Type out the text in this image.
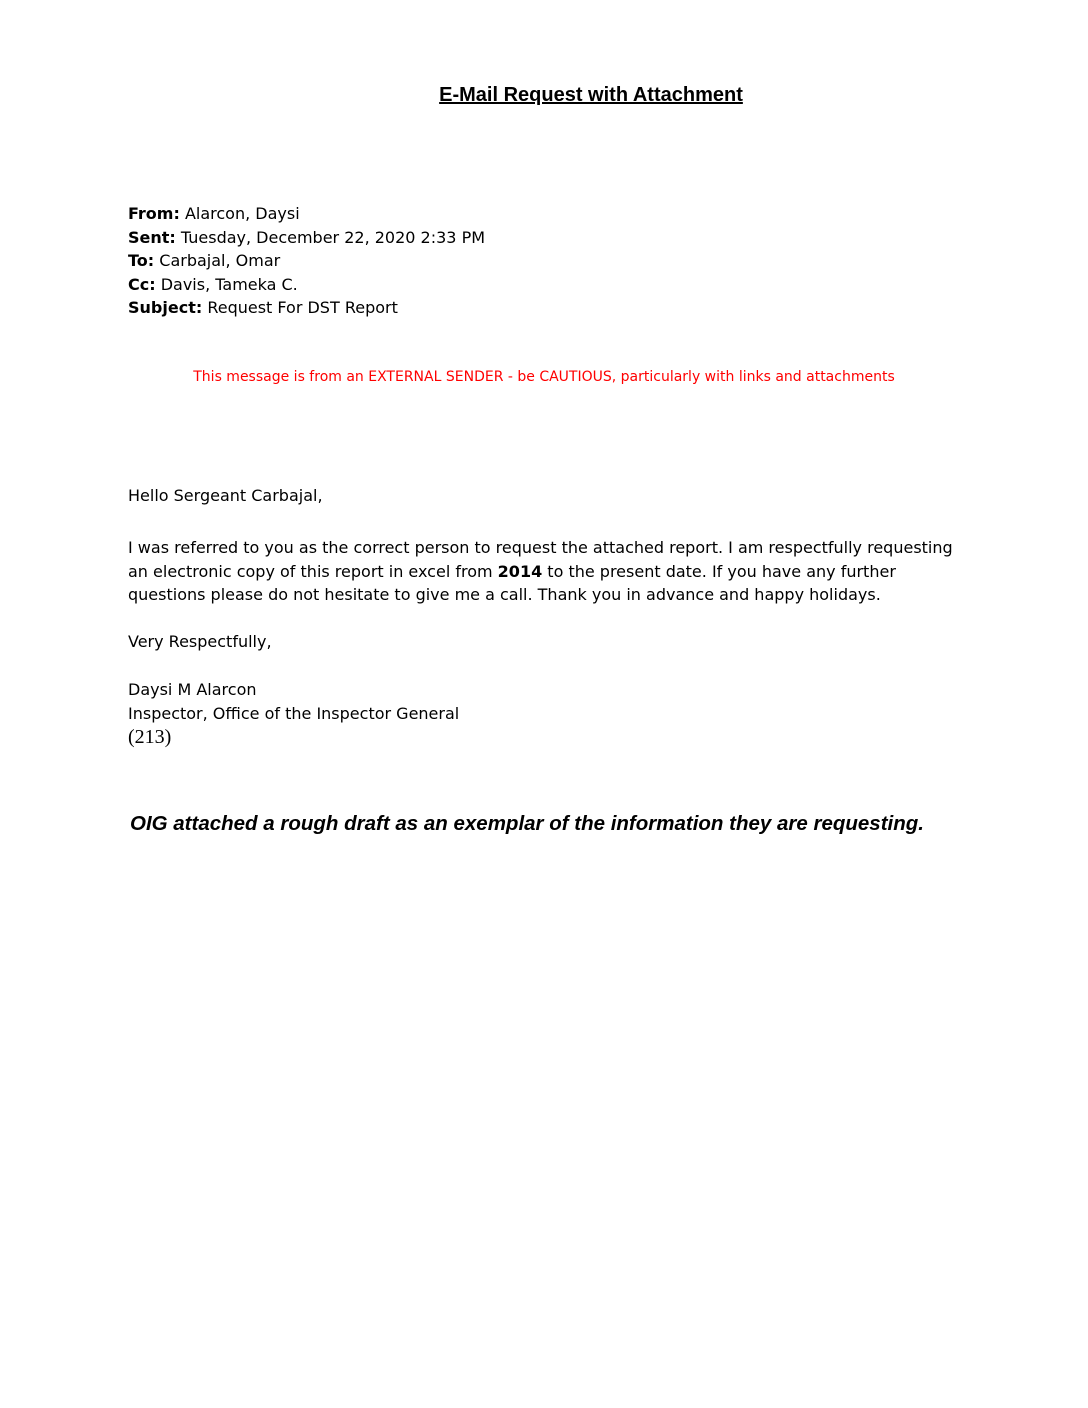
E-Mail Request with Attachment
From: Alarcon, Daysi
Sent: Tuesday, December 22, 2020 2:33 PM
To: Carbajal, Omar
Cc: Davis, Tameka C.
Subject: Request For DST Report
This message is from an EXTERNAL SENDER - be CAUTIOUS, particularly with links and attachments
Hello Sergeant Carbajal,

I was referred to you as the correct person to request the attached report. I am respectfully requesting

an electronic copy of this report in excel from 2014 to the present date. If you have any further

questions please do not hesitate to give me a call. Thank you in advance and happy holidays.

Very Respectfully,
Daysi M Alarcon
Inspector, Office of the Inspector General
(213)
OIG attached a rough draft as an exemplar of the information they are requesting.
